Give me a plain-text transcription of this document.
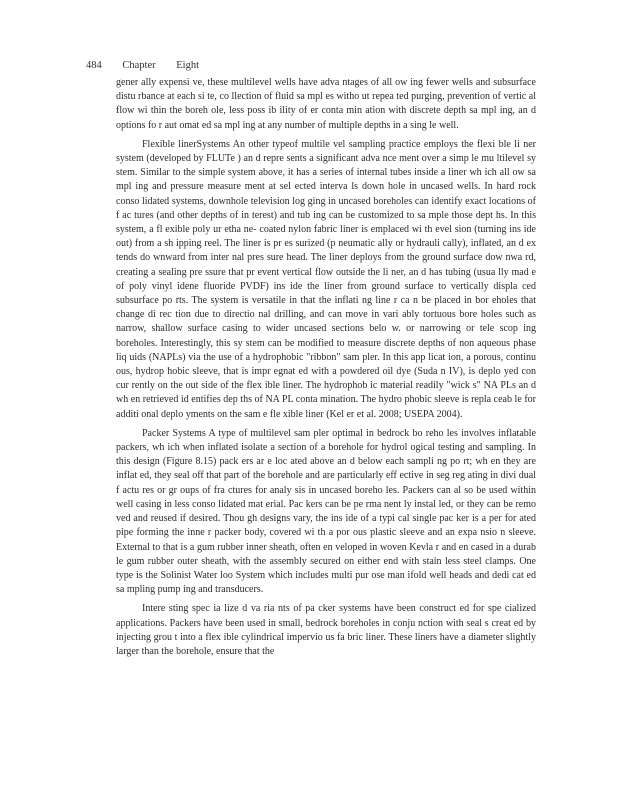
484 Chapter Eight

gener ally expensi ve, these multilevel wells have adva ntages of all ow ing fewer wells and subsurface distu rbance at each si te, co llection of fluid sa mpl es witho ut repea ted purging, prevention of vertic al flow wi thin the boreh ole, less poss ib ility of er conta min ation with discrete depth sa mpl ing, an d options fo r aut omat ed sa mpl ing at any number of multiple depths in a sing le well.

Flexible linerSystems An other typeof multile vel sampling practice employs the flexi ble li ner system (developed by FLUTe ) an d repre sents a significant adva nce ment over a simp le mu ltilevel sy stem. Similar to the simple system above, it has a series of internal tubes inside a liner wh ich all ow sa mpl ing and pressure measure ment at sel ected interva ls down hole in uncased wells. In hard rock conso lidated systems, downhole television log ging in uncased boreholes can identify exact locations of f ac tures (and other depths of in terest) and tub ing can be customized to sa mple those dept hs. In this system, a fl exible poly ur etha ne- coated nylon fabric liner is emplaced wi th evel sion (turning ins ide out) from a sh ipping reel. The liner is pr es surized (p neumatic ally or hydrauli cally), inflated, an d ex tends do wnward from inter nal pres sure head. The liner deploys from the ground surface dow nwa rd, creating a sealing pre ssure that pr event vertical flow outside the li ner, an d has tubing (usua lly mad e of poly vinyl idene fluoride PVDF) ins ide the liner from ground surface to vertically displa ced subsurface po rts. The system is versatile in that the inflati ng line r ca n be placed in bor eholes that change di rec tion due to directio nal drilling, and can move in vari ably tortuous bore holes such as narrow, shallow surface casing to wider uncased sections belo w. or narrowing or tele scop ing boreholes. Interestingly, this sy stem can be modified to measure discrete depths of non aqueous phase liq uids (NAPLs) via the use of a hydrophobic "ribbon" sam pler. In this app licat ion, a porous, continu ous, hydrop hobic sleeve, that is impr egnat ed with a powdered oil dye (Suda n IV), is deplo yed con cur rently on the out side of the flex ible liner. The hydrophob ic material readily "wick s" NA PLs an d wh en retrieved id entifies dep ths of NA PL conta mination. The hydro phobic sleeve is repla ceab le for additi onal deplo yments on the sam e fle xible liner (Kel er et al. 2008; USEPA 2004).

Packer Systems A type of multilevel sam pler optimal in bedrock bo reho les involves inflatable packers, wh ich when inflated isolate a section of a borehole for hydrol ogical testing and sampling. In this design (Figure 8.15) pack ers ar e loc ated above an d below each sampli ng po rt; wh en they are inflat ed, they seal off that part of the borehole and are particularly eff ective in seg reg ating in divi dual f actu res or gr oups of fra ctures for analy sis in uncased boreho les. Packers can al so be used within well casing in less conso lidated mat erial. Pac kers can be pe rma nent ly instal led, or they can be remo ved and reused if desired. Thou gh designs vary, the ins ide of a typi cal single pac ker is a per for ated pipe forming the inne r packer body, covered wi th a por ous plastic sleeve and an expa nsio n sleeve. External to that is a gum rubber inner sheath, often en veloped in woven Kevla r and en cased in a durab le gum rubber outer sheath, with the assembly secured on either end with stain less steel clamps. One type is the Solinist Water loo System which includes multi pur ose man ifold well heads and dedi cat ed sa mpling pump ing and transducers.

Intere sting spec ia lize d va ria nts of pa cker systems have been construct ed for spe cialized applications. Packers have been used in small, bedrock boreholes in conju nction with seal s creat ed by injecting grou t into a flex ible cylindrical impervio us fa bric liner. These liners have a diameter slightly larger than the borehole, ensure that the
